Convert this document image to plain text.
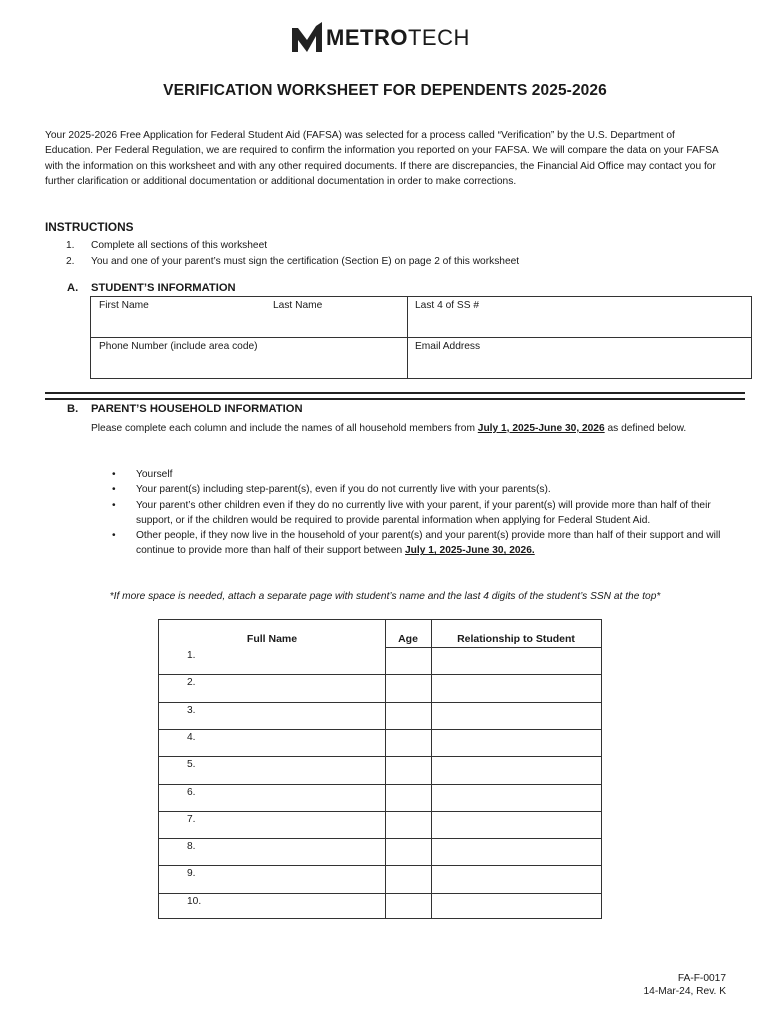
METROTECH
VERIFICATION WORKSHEET FOR DEPENDENTS 2025-2026
Your 2025-2026 Free Application for Federal Student Aid (FAFSA) was selected for a process called “Verification” by the U.S. Department of Education. Per Federal Regulation, we are required to confirm the information you reported on your FAFSA. We will compare the data on your FAFSA with the information on this worksheet and with any other required documents. If there are discrepancies, the Financial Aid Office may contact you for further clarification or additional documentation or additional documentation in order to make corrections.
INSTRUCTIONS
1.	Complete all sections of this worksheet
2.	You and one of your parent’s must sign the certification (Section E) on page 2 of this worksheet
A. STUDENT’S INFORMATION
First Name	Last Name	Last 4 of SS #
Phone Number (include area code)	Email Address
B. PARENT’S HOUSEHOLD INFORMATION
Please complete each column and include the names of all household members from July 1, 2025-June 30, 2026 as defined below.
•	Yourself
•	Your parent(s) including step-parent(s), even if you do not currently live with your parents(s).
•	Your parent’s other children even if they do no currently live with your parent, if your parent(s) will provide more than half of their support, or if the children would be required to provide parental information when applying for Federal Student Aid.
•	Other people, if they now live in the household of your parent(s) and your parent(s) provide more than half of their support and will continue to provide more than half of their support between July 1, 2025-June 30, 2026.
*If more space is needed, attach a separate page with student’s name and the last 4 digits of the student’s SSN at the top*
Full Name	Age	Relationship to Student
1.
2.
3.
4.
5.
6.
7.
8.
9.
10.
FA-F-0017
14-Mar-24, Rev. K
